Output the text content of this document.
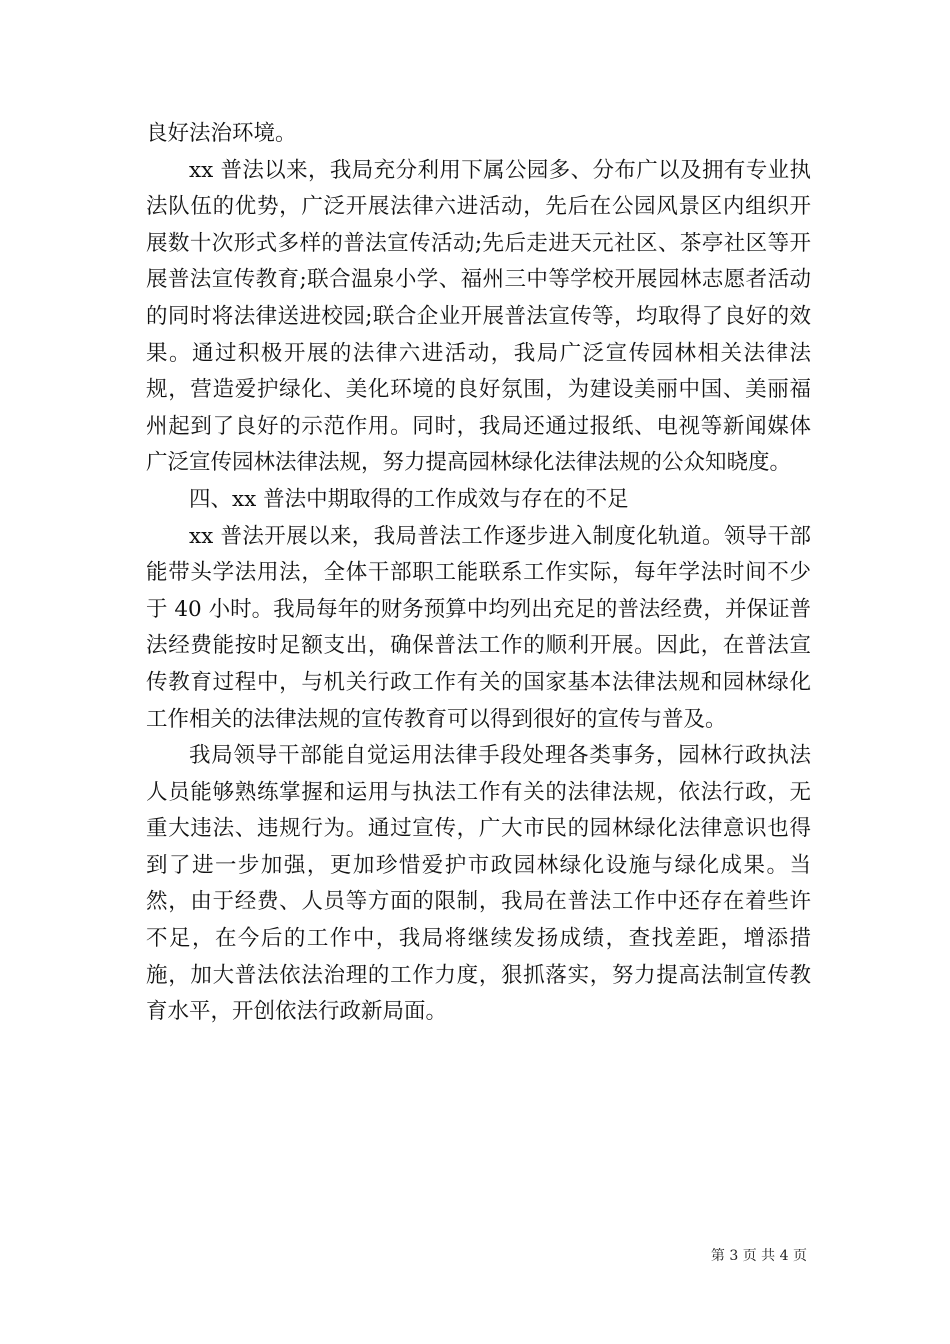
良好法治环境。

xx 普法以来，我局充分利用下属公园多、分布广以及拥有专业执法队伍的优势，广泛开展法律六进活动，先后在公园风景区内组织开展数十次形式多样的普法宣传活动;先后走进天元社区、茶亭社区等开展普法宣传教育;联合温泉小学、福州三中等学校开展园林志愿者活动的同时将法律送进校园;联合企业开展普法宣传等，均取得了良好的效果。通过积极开展的法律六进活动，我局广泛宣传园林相关法律法规，营造爱护绿化、美化环境的良好氛围，为建设美丽中国、美丽福州起到了良好的示范作用。同时，我局还通过报纸、电视等新闻媒体广泛宣传园林法律法规，努力提高园林绿化法律法规的公众知晓度。

四、xx 普法中期取得的工作成效与存在的不足

xx 普法开展以来，我局普法工作逐步进入制度化轨道。领导干部能带头学法用法，全体干部职工能联系工作实际，每年学法时间不少于 40 小时。我局每年的财务预算中均列出充足的普法经费，并保证普法经费能按时足额支出，确保普法工作的顺利开展。因此，在普法宣传教育过程中，与机关行政工作有关的国家基本法律法规和园林绿化工作相关的法律法规的宣传教育可以得到很好的宣传与普及。

我局领导干部能自觉运用法律手段处理各类事务，园林行政执法人员能够熟练掌握和运用与执法工作有关的法律法规，依法行政，无重大违法、违规行为。通过宣传，广大市民的园林绿化法律意识也得到了进一步加强，更加珍惜爱护市政园林绿化设施与绿化成果。当然，由于经费、人员等方面的限制，我局在普法工作中还存在着些许不足，在今后的工作中，我局将继续发扬成绩，查找差距，增添措施，加大普法依法治理的工作力度，狠抓落实，努力提高法制宣传教育水平，开创依法行政新局面。

第 3 页 共 4 页
